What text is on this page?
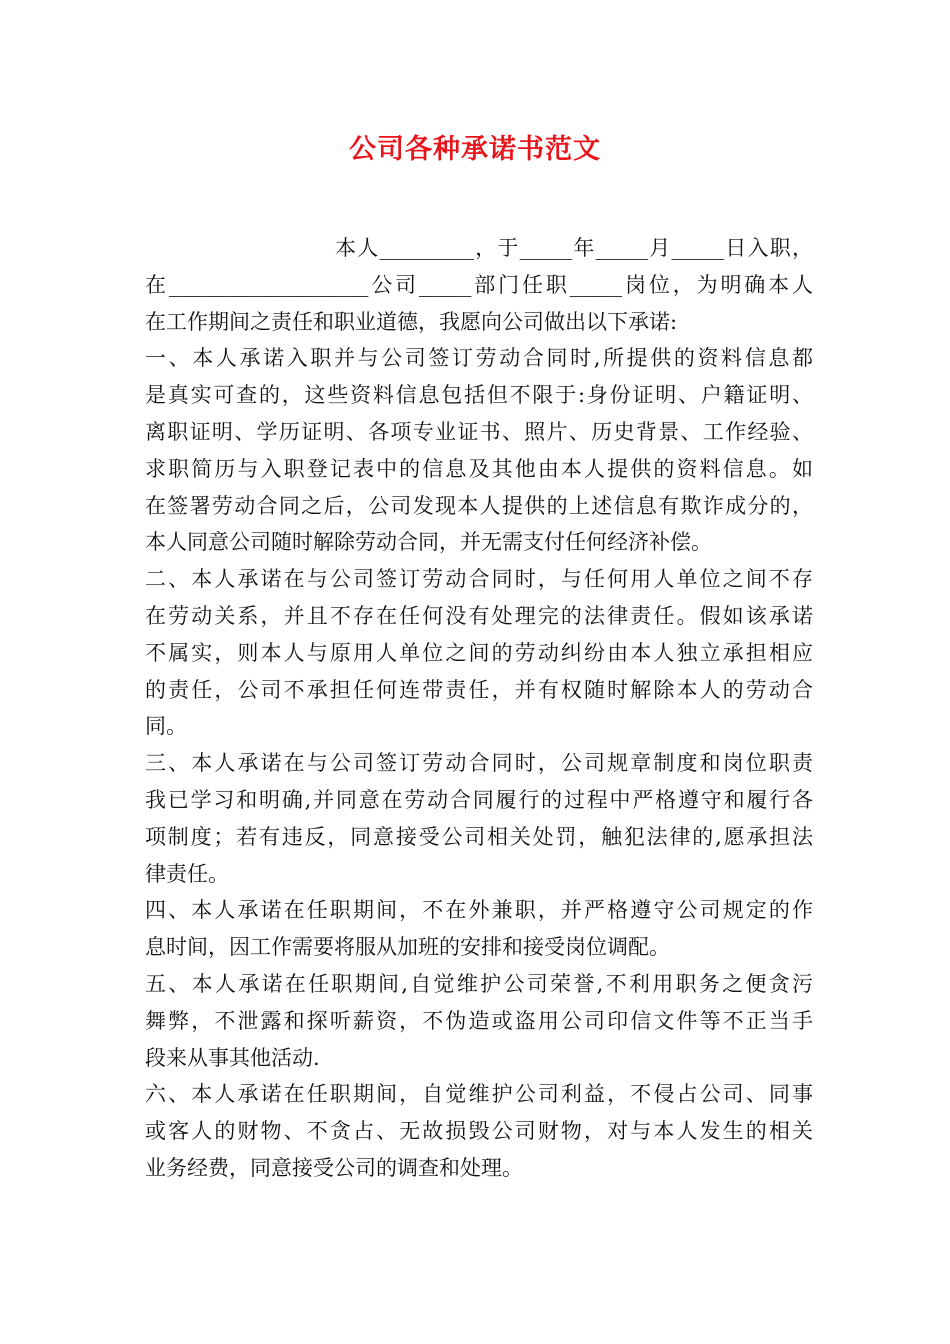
公司各种承诺书范文
本人_________，于_____年_____月_____日入职，
在___________________公司_____部门任职_____岗位，为明确本人
在工作期间之责任和职业道德，我愿向公司做出以下承诺:
一、本人承诺入职并与公司签订劳动合同时,所提供的资料信息都
是真实可查的，这些资料信息包括但不限于:身份证明、户籍证明、
离职证明、学历证明、各项专业证书、照片、历史背景、工作经验、
求职简历与入职登记表中的信息及其他由本人提供的资料信息。如
在签署劳动合同之后，公司发现本人提供的上述信息有欺诈成分的，
本人同意公司随时解除劳动合同，并无需支付任何经济补偿。
二、本人承诺在与公司签订劳动合同时，与任何用人单位之间不存
在劳动关系，并且不存在任何没有处理完的法律责任。假如该承诺
不属实，则本人与原用人单位之间的劳动纠纷由本人独立承担相应
的责任，公司不承担任何连带责任，并有权随时解除本人的劳动合
同。
三、本人承诺在与公司签订劳动合同时，公司规章制度和岗位职责
我已学习和明确,并同意在劳动合同履行的过程中严格遵守和履行各
项制度；若有违反，同意接受公司相关处罚，触犯法律的,愿承担法
律责任。
四、本人承诺在任职期间，不在外兼职，并严格遵守公司规定的作
息时间，因工作需要将服从加班的安排和接受岗位调配。
五、本人承诺在任职期间,自觉维护公司荣誉,不利用职务之便贪污
舞弊，不泄露和探听薪资，不伪造或盗用公司印信文件等不正当手
段来从事其他活动.
六、本人承诺在任职期间，自觉维护公司利益，不侵占公司、同事
或客人的财物、不贪占、无故损毁公司财物，对与本人发生的相关
业务经费，同意接受公司的调查和处理。
